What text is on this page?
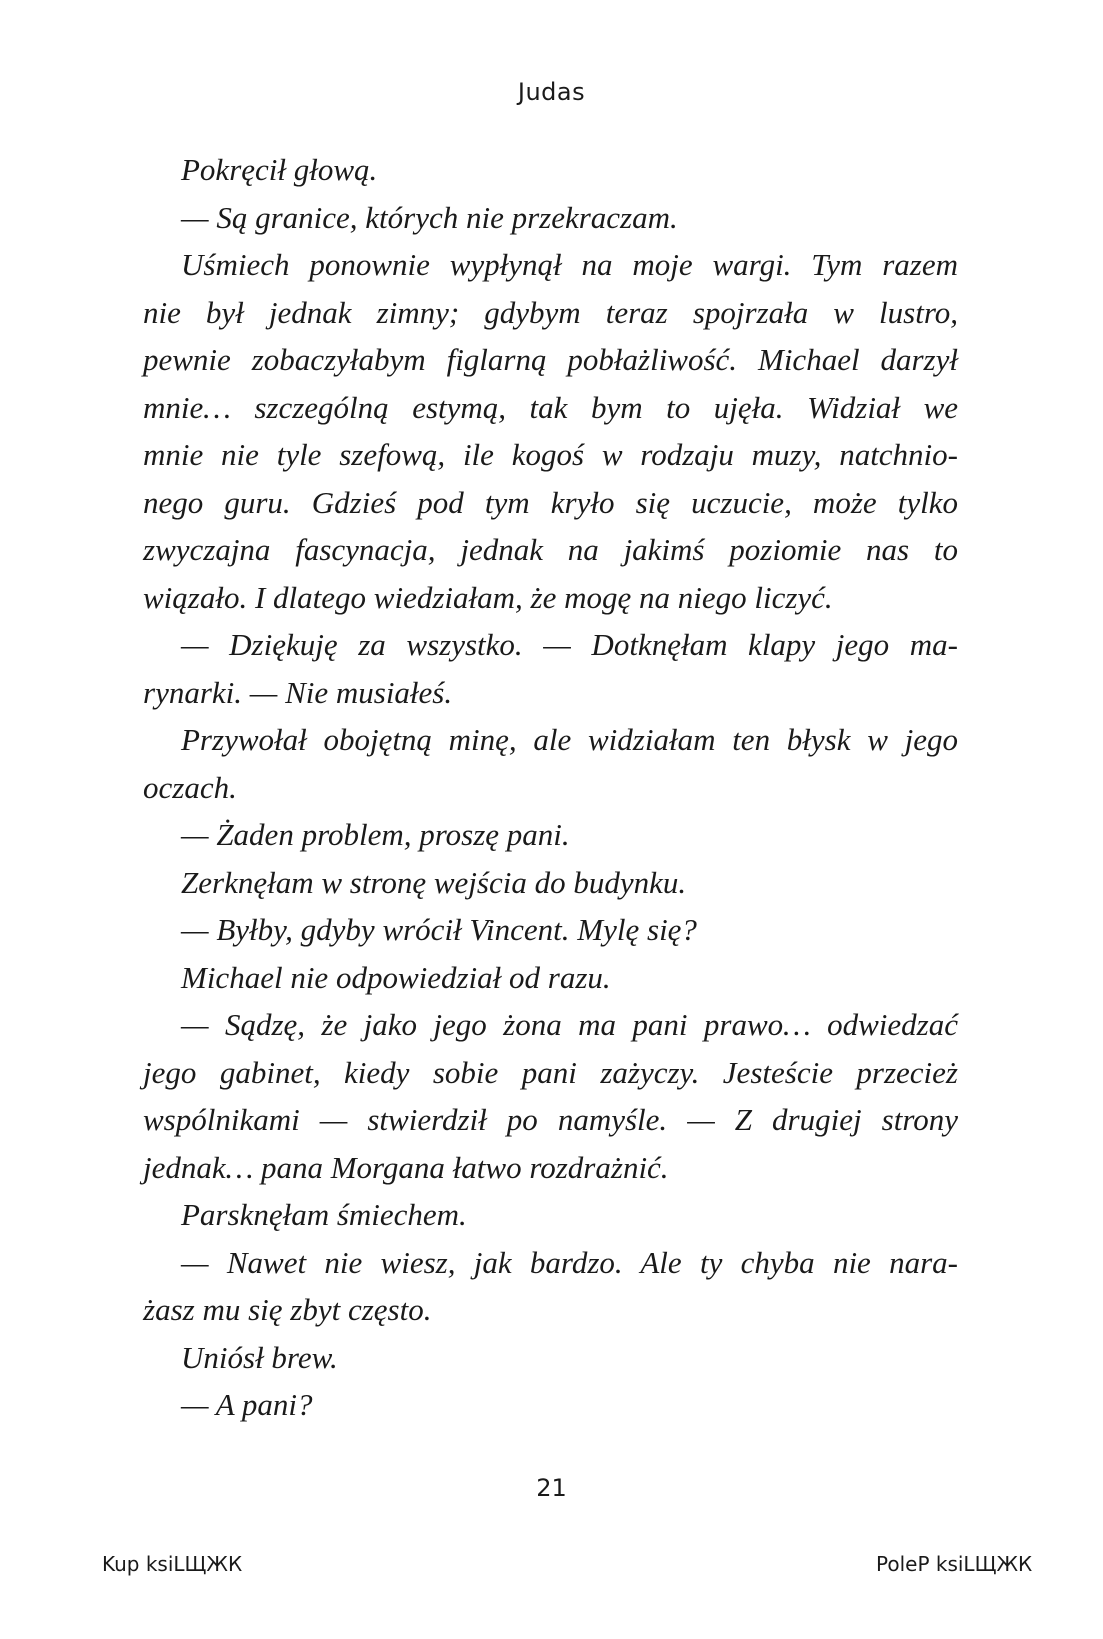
Judas
Pokręcił głową.
— Są granice, których nie przekraczam.
Uśmiech ponownie wypłynął na moje wargi. Tym razem
nie był jednak zimny; gdybym teraz spojrzała w lustro,
pewnie zobaczyłabym figlarną pobłażliwość. Michael darzył
mnie… szczególną estymą, tak bym to ujęła. Widział we
mnie nie tyle szefową, ile kogoś w rodzaju muzy, natchnio-
nego guru. Gdzieś pod tym kryło się uczucie, może tylko
zwyczajna fascynacja, jednak na jakimś poziomie nas to
wiązało. I dlatego wiedziałam, że mogę na niego liczyć.
— Dziękuję za wszystko. — Dotknęłam klapy jego ma-
rynarki. — Nie musiałeś.
Przywołał obojętną minę, ale widziałam ten błysk w jego
oczach.
— Żaden problem, proszę pani.
Zerknęłam w stronę wejścia do budynku.
— Byłby, gdyby wrócił Vincent. Mylę się?
Michael nie odpowiedział od razu.
— Sądzę, że jako jego żona ma pani prawo… odwiedzać
jego gabinet, kiedy sobie pani zażyczy. Jesteście przecież
wspólnikami — stwierdził po namyśle. — Z drugiej strony
jednak… pana Morgana łatwo rozdrażnić.
Parsknęłam śmiechem.
— Nawet nie wiesz, jak bardzo. Ale ty chyba nie nara-
żasz mu się zbyt często.
Uniósł brew.
— A pani?
21
Kup ksiLЩЖК	PoleP ksiLЩЖК
